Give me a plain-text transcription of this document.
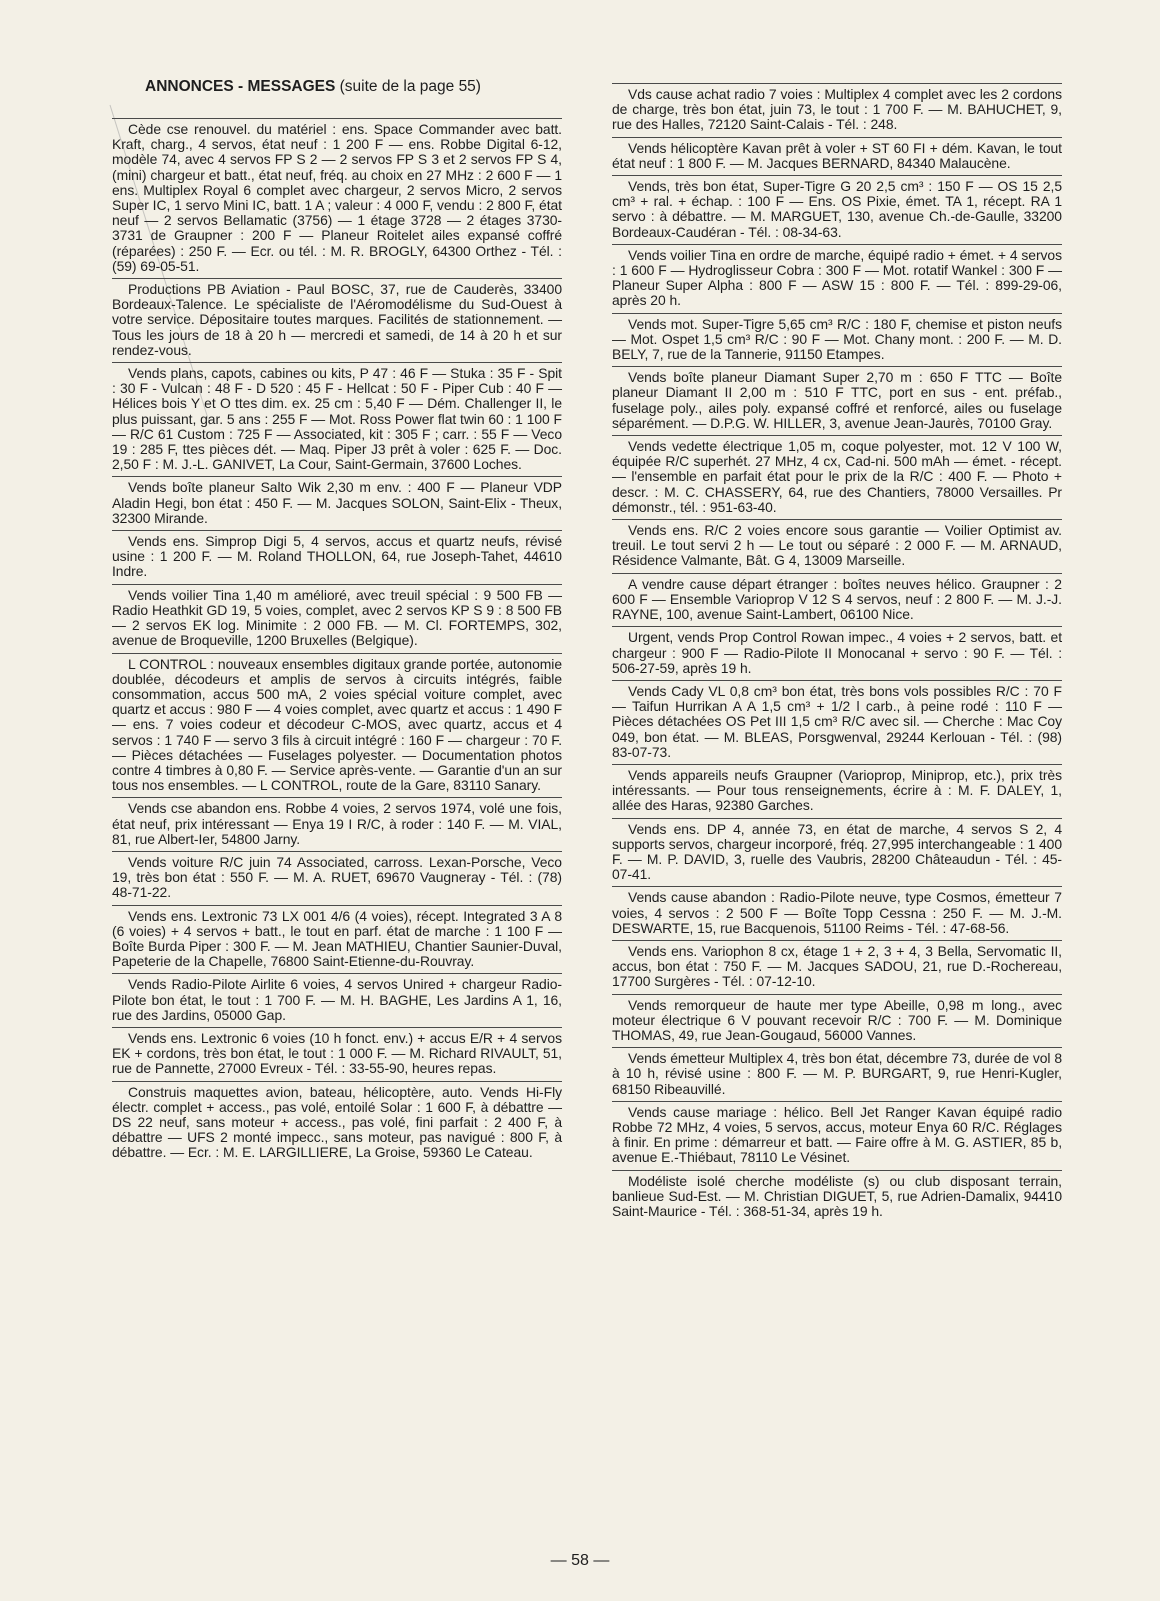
ANNONCES - MESSAGES (suite de la page 55)
Cède cse renouvel. du matériel : ens. Space Commander avec batt. Kraft, charg., 4 servos, état neuf : 1 200 F — ens. Robbe Digital 6-12, modèle 74, avec 4 servos FP S 2 — 2 servos FP S 3 et 2 servos FP S 4, (mini) chargeur et batt., état neuf, fréq. au choix en 27 MHz : 2 600 F — 1 ens. Multiplex Royal 6 complet avec chargeur, 2 servos Micro, 2 servos Super IC, 1 servo Mini IC, batt. 1 A ; valeur : 4 000 F, vendu : 2 800 F, état neuf — 2 servos Bellamatic (3756) — 1 étage 3728 — 2 étages 3730-3731 de Graupner : 200 F — Planeur Roitelet ailes expansé coffré (réparées) : 250 F. — Ecr. ou tél. : M. R. BROGLY, 64300 Orthez - Tél. : (59) 69-05-51.
Productions PB Aviation - Paul BOSC, 37, rue de Cauderès, 33400 Bordeaux-Talence. Le spécialiste de l'Aéromodélisme du Sud-Ouest à votre service. Dépositaire toutes marques. Facilités de stationnement. — Tous les jours de 18 à 20 h — mercredi et samedi, de 14 à 20 h et sur rendez-vous.
Vends plans, capots, cabines ou kits, P 47 : 46 F — Stuka : 35 F - Spit : 30 F - Vulcan : 48 F - D 520 : 45 F - Hellcat : 50 F - Piper Cub : 40 F — Hélices bois Y et O ttes dim. ex. 25 cm : 5,40 F — Dém. Challenger II, le plus puissant, gar. 5 ans : 255 F — Mot. Ross Power flat twin 60 : 1 100 F — R/C 61 Custom : 725 F — Associated, kit : 305 F ; carr. : 55 F — Veco 19 : 285 F, ttes pièces dét. — Maq. Piper J3 prêt à voler : 625 F. — Doc. 2,50 F : M. J.-L. GANIVET, La Cour, Saint-Germain, 37600 Loches.
Vends boîte planeur Salto Wik 2,30 m env. : 400 F — Planeur VDP Aladin Hegi, bon état : 450 F. — M. Jacques SOLON, Saint-Elix - Theux, 32300 Mirande.
Vends ens. Simprop Digi 5, 4 servos, accus et quartz neufs, révisé usine : 1 200 F. — M. Roland THOLLON, 64, rue Joseph-Tahet, 44610 Indre.
Vends voilier Tina 1,40 m amélioré, avec treuil spécial : 9 500 FB — Radio Heathkit GD 19, 5 voies, complet, avec 2 servos KP S 9 : 8 500 FB — 2 servos EK log. Minimite : 2 000 FB. — M. Cl. FORTEMPS, 302, avenue de Broqueville, 1200 Bruxelles (Belgique).
L CONTROL : nouveaux ensembles digitaux grande portée, autonomie doublée, décodeurs et amplis de servos à circuits intégrés, faible consommation, accus 500 mA, 2 voies spécial voiture complet, avec quartz et accus : 980 F — 4 voies complet, avec quartz et accus : 1 490 F — ens. 7 voies codeur et décodeur C-MOS, avec quartz, accus et 4 servos : 1 740 F — servo 3 fils à circuit intégré : 160 F — chargeur : 70 F. — Pièces détachées — Fuselages polyester. — Documentation photos contre 4 timbres à 0,80 F. — Service après-vente. — Garantie d'un an sur tous nos ensembles. — L CONTROL, route de la Gare, 83110 Sanary.
Vends cse abandon ens. Robbe 4 voies, 2 servos 1974, volé une fois, état neuf, prix intéressant — Enya 19 I R/C, à roder : 140 F. — M. VIAL, 81, rue Albert-Ier, 54800 Jarny.
Vends voiture R/C juin 74 Associated, carross. Lexan-Porsche, Veco 19, très bon état : 550 F. — M. A. RUET, 69670 Vaugneray - Tél. : (78) 48-71-22.
Vends ens. Lextronic 73 LX 001 4/6 (4 voies), récept. Integrated 3 A 8 (6 voies) + 4 servos + batt., le tout en parf. état de marche : 1 100 F — Boîte Burda Piper : 300 F. — M. Jean MATHIEU, Chantier Saunier-Duval, Papeterie de la Chapelle, 76800 Saint-Etienne-du-Rouvray.
Vends Radio-Pilote Airlite 6 voies, 4 servos Unired + chargeur Radio-Pilote bon état, le tout : 1 700 F. — M. H. BAGHE, Les Jardins A 1, 16, rue des Jardins, 05000 Gap.
Vends ens. Lextronic 6 voies (10 h fonct. env.) + accus E/R + 4 servos EK + cordons, très bon état, le tout : 1 000 F. — M. Richard RIVAULT, 51, rue de Pannette, 27000 Evreux - Tél. : 33-55-90, heures repas.
Construis maquettes avion, bateau, hélicoptère, auto. Vends Hi-Fly électr. complet + access., pas volé, entoilé Solar : 1 600 F, à débattre — DS 22 neuf, sans moteur + access., pas volé, fini parfait : 2 400 F, à débattre — UFS 2 monté impecc., sans moteur, pas navigué : 800 F, à débattre. — Ecr. : M. E. LARGILLIERE, La Groise, 59360 Le Cateau.
Vds cause achat radio 7 voies : Multiplex 4 complet avec les 2 cordons de charge, très bon état, juin 73, le tout : 1 700 F. — M. BAHUCHET, 9, rue des Halles, 72120 Saint-Calais - Tél. : 248.
Vends hélicoptère Kavan prêt à voler + ST 60 FI + dém. Kavan, le tout état neuf : 1 800 F. — M. Jacques BERNARD, 84340 Malaucène.
Vends, très bon état, Super-Tigre G 20 2,5 cm³ : 150 F — OS 15 2,5 cm³ + ral. + échap. : 100 F — Ens. OS Pixie, émet. TA 1, récept. RA 1 servo : à débattre. — M. MARGUET, 130, avenue Ch.-de-Gaulle, 33200 Bordeaux-Caudéran - Tél. : 08-34-63.
Vends voilier Tina en ordre de marche, équipé radio + émet. + 4 servos : 1 600 F — Hydroglisseur Cobra : 300 F — Mot. rotatif Wankel : 300 F — Planeur Super Alpha : 800 F — ASW 15 : 800 F. — Tél. : 899-29-06, après 20 h.
Vends mot. Super-Tigre 5,65 cm³ R/C : 180 F, chemise et piston neufs — Mot. Ospet 1,5 cm³ R/C : 90 F — Mot. Chany mont. : 200 F. — M. D. BELY, 7, rue de la Tannerie, 91150 Etampes.
Vends boîte planeur Diamant Super 2,70 m : 650 F TTC — Boîte planeur Diamant II 2,00 m : 510 F TTC, port en sus - ent. préfab., fuselage poly., ailes poly. expansé coffré et renforcé, ailes ou fuselage séparément. — D.P.G. W. HILLER, 3, avenue Jean-Jaurès, 70100 Gray.
Vends vedette électrique 1,05 m, coque polyester, mot. 12 V 100 W, équipée R/C superhét. 27 MHz, 4 cx, Cad-ni. 500 mAh — émet. - récept. — l'ensemble en parfait état pour le prix de la R/C : 400 F. — Photo + descr. : M. C. CHASSERY, 64, rue des Chantiers, 78000 Versailles. Pr démonstr., tél. : 951-63-40.
Vends ens. R/C 2 voies encore sous garantie — Voilier Optimist av. treuil. Le tout servi 2 h — Le tout ou séparé : 2 000 F. — M. ARNAUD, Résidence Valmante, Bât. G 4, 13009 Marseille.
A vendre cause départ étranger : boîtes neuves hélico. Graupner : 2 600 F — Ensemble Varioprop V 12 S 4 servos, neuf : 2 800 F. — M. J.-J. RAYNE, 100, avenue Saint-Lambert, 06100 Nice.
Urgent, vends Prop Control Rowan impec., 4 voies + 2 servos, batt. et chargeur : 900 F — Radio-Pilote II Monocanal + servo : 90 F. — Tél. : 506-27-59, après 19 h.
Vends Cady VL 0,8 cm³ bon état, très bons vols possibles R/C : 70 F — Taifun Hurrikan A A 1,5 cm³ + 1/2 l carb., à peine rodé : 110 F — Pièces détachées OS Pet III 1,5 cm³ R/C avec sil. — Cherche : Mac Coy 049, bon état. — M. BLEAS, Porsgwenval, 29244 Kerlouan - Tél. : (98) 83-07-73.
Vends appareils neufs Graupner (Varioprop, Miniprop, etc.), prix très intéressants. — Pour tous renseignements, écrire à : M. F. DALEY, 1, allée des Haras, 92380 Garches.
Vends ens. DP 4, année 73, en état de marche, 4 servos S 2, 4 supports servos, chargeur incorporé, fréq. 27,995 interchangeable : 1 400 F. — M. P. DAVID, 3, ruelle des Vaubris, 28200 Châteaudun - Tél. : 45-07-41.
Vends cause abandon : Radio-Pilote neuve, type Cosmos, émetteur 7 voies, 4 servos : 2 500 F — Boîte Topp Cessna : 250 F. — M. J.-M. DESWARTE, 15, rue Bacquenois, 51100 Reims - Tél. : 47-68-56.
Vends ens. Variophon 8 cx, étage 1 + 2, 3 + 4, 3 Bella, Servomatic II, accus, bon état : 750 F. — M. Jacques SADOU, 21, rue D.-Rochereau, 17700 Surgères - Tél. : 07-12-10.
Vends remorqueur de haute mer type Abeille, 0,98 m long., avec moteur électrique 6 V pouvant recevoir R/C : 700 F. — M. Dominique THOMAS, 49, rue Jean-Gougaud, 56000 Vannes.
Vends émetteur Multiplex 4, très bon état, décembre 73, durée de vol 8 à 10 h, révisé usine : 800 F. — M. P. BURGART, 9, rue Henri-Kugler, 68150 Ribeauvillé.
Vends cause mariage : hélico. Bell Jet Ranger Kavan équipé radio Robbe 72 MHz, 4 voies, 5 servos, accus, moteur Enya 60 R/C. Réglages à finir. En prime : démarreur et batt. — Faire offre à M. G. ASTIER, 85 b, avenue E.-Thiébaut, 78110 Le Vésinet.
Modéliste isolé cherche modéliste (s) ou club disposant terrain, banlieue Sud-Est. — M. Christian DIGUET, 5, rue Adrien-Damalix, 94410 Saint-Maurice - Tél. : 368-51-34, après 19 h.
— 58 —
